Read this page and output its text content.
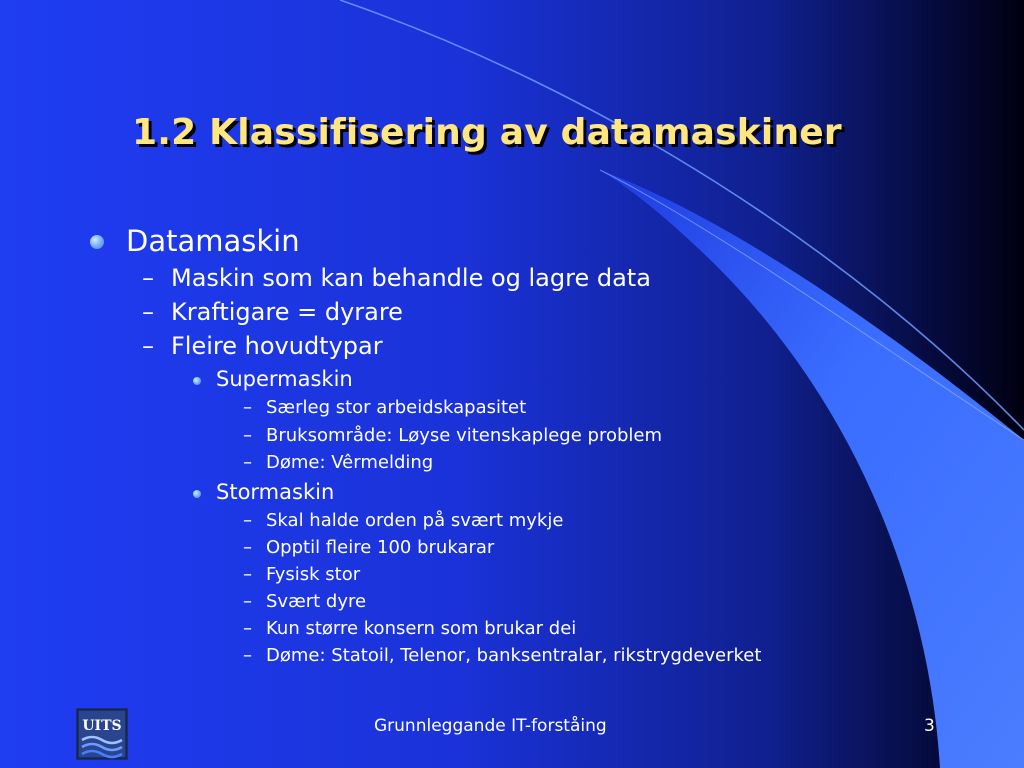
1.2 Klassifisering av datamaskiner
Datamaskin
– Maskin som kan behandle og lagre data
– Kraftigare = dyrare
– Fleire hovudtypar
Supermaskin
– Særleg stor arbeidskapasitet
– Bruksområde: Løyse vitenskaplege problem
– Døme: Vêrmelding
Stormaskin
– Skal halde orden på svært mykje
– Opptil fleire 100 brukarar
– Fysisk stor
– Svært dyre
– Kun større konsern som brukar dei
– Døme: Statoil, Telenor, banksentralar, rikstrygdeverket
UITS	Grunnleggande IT-forståing	3
